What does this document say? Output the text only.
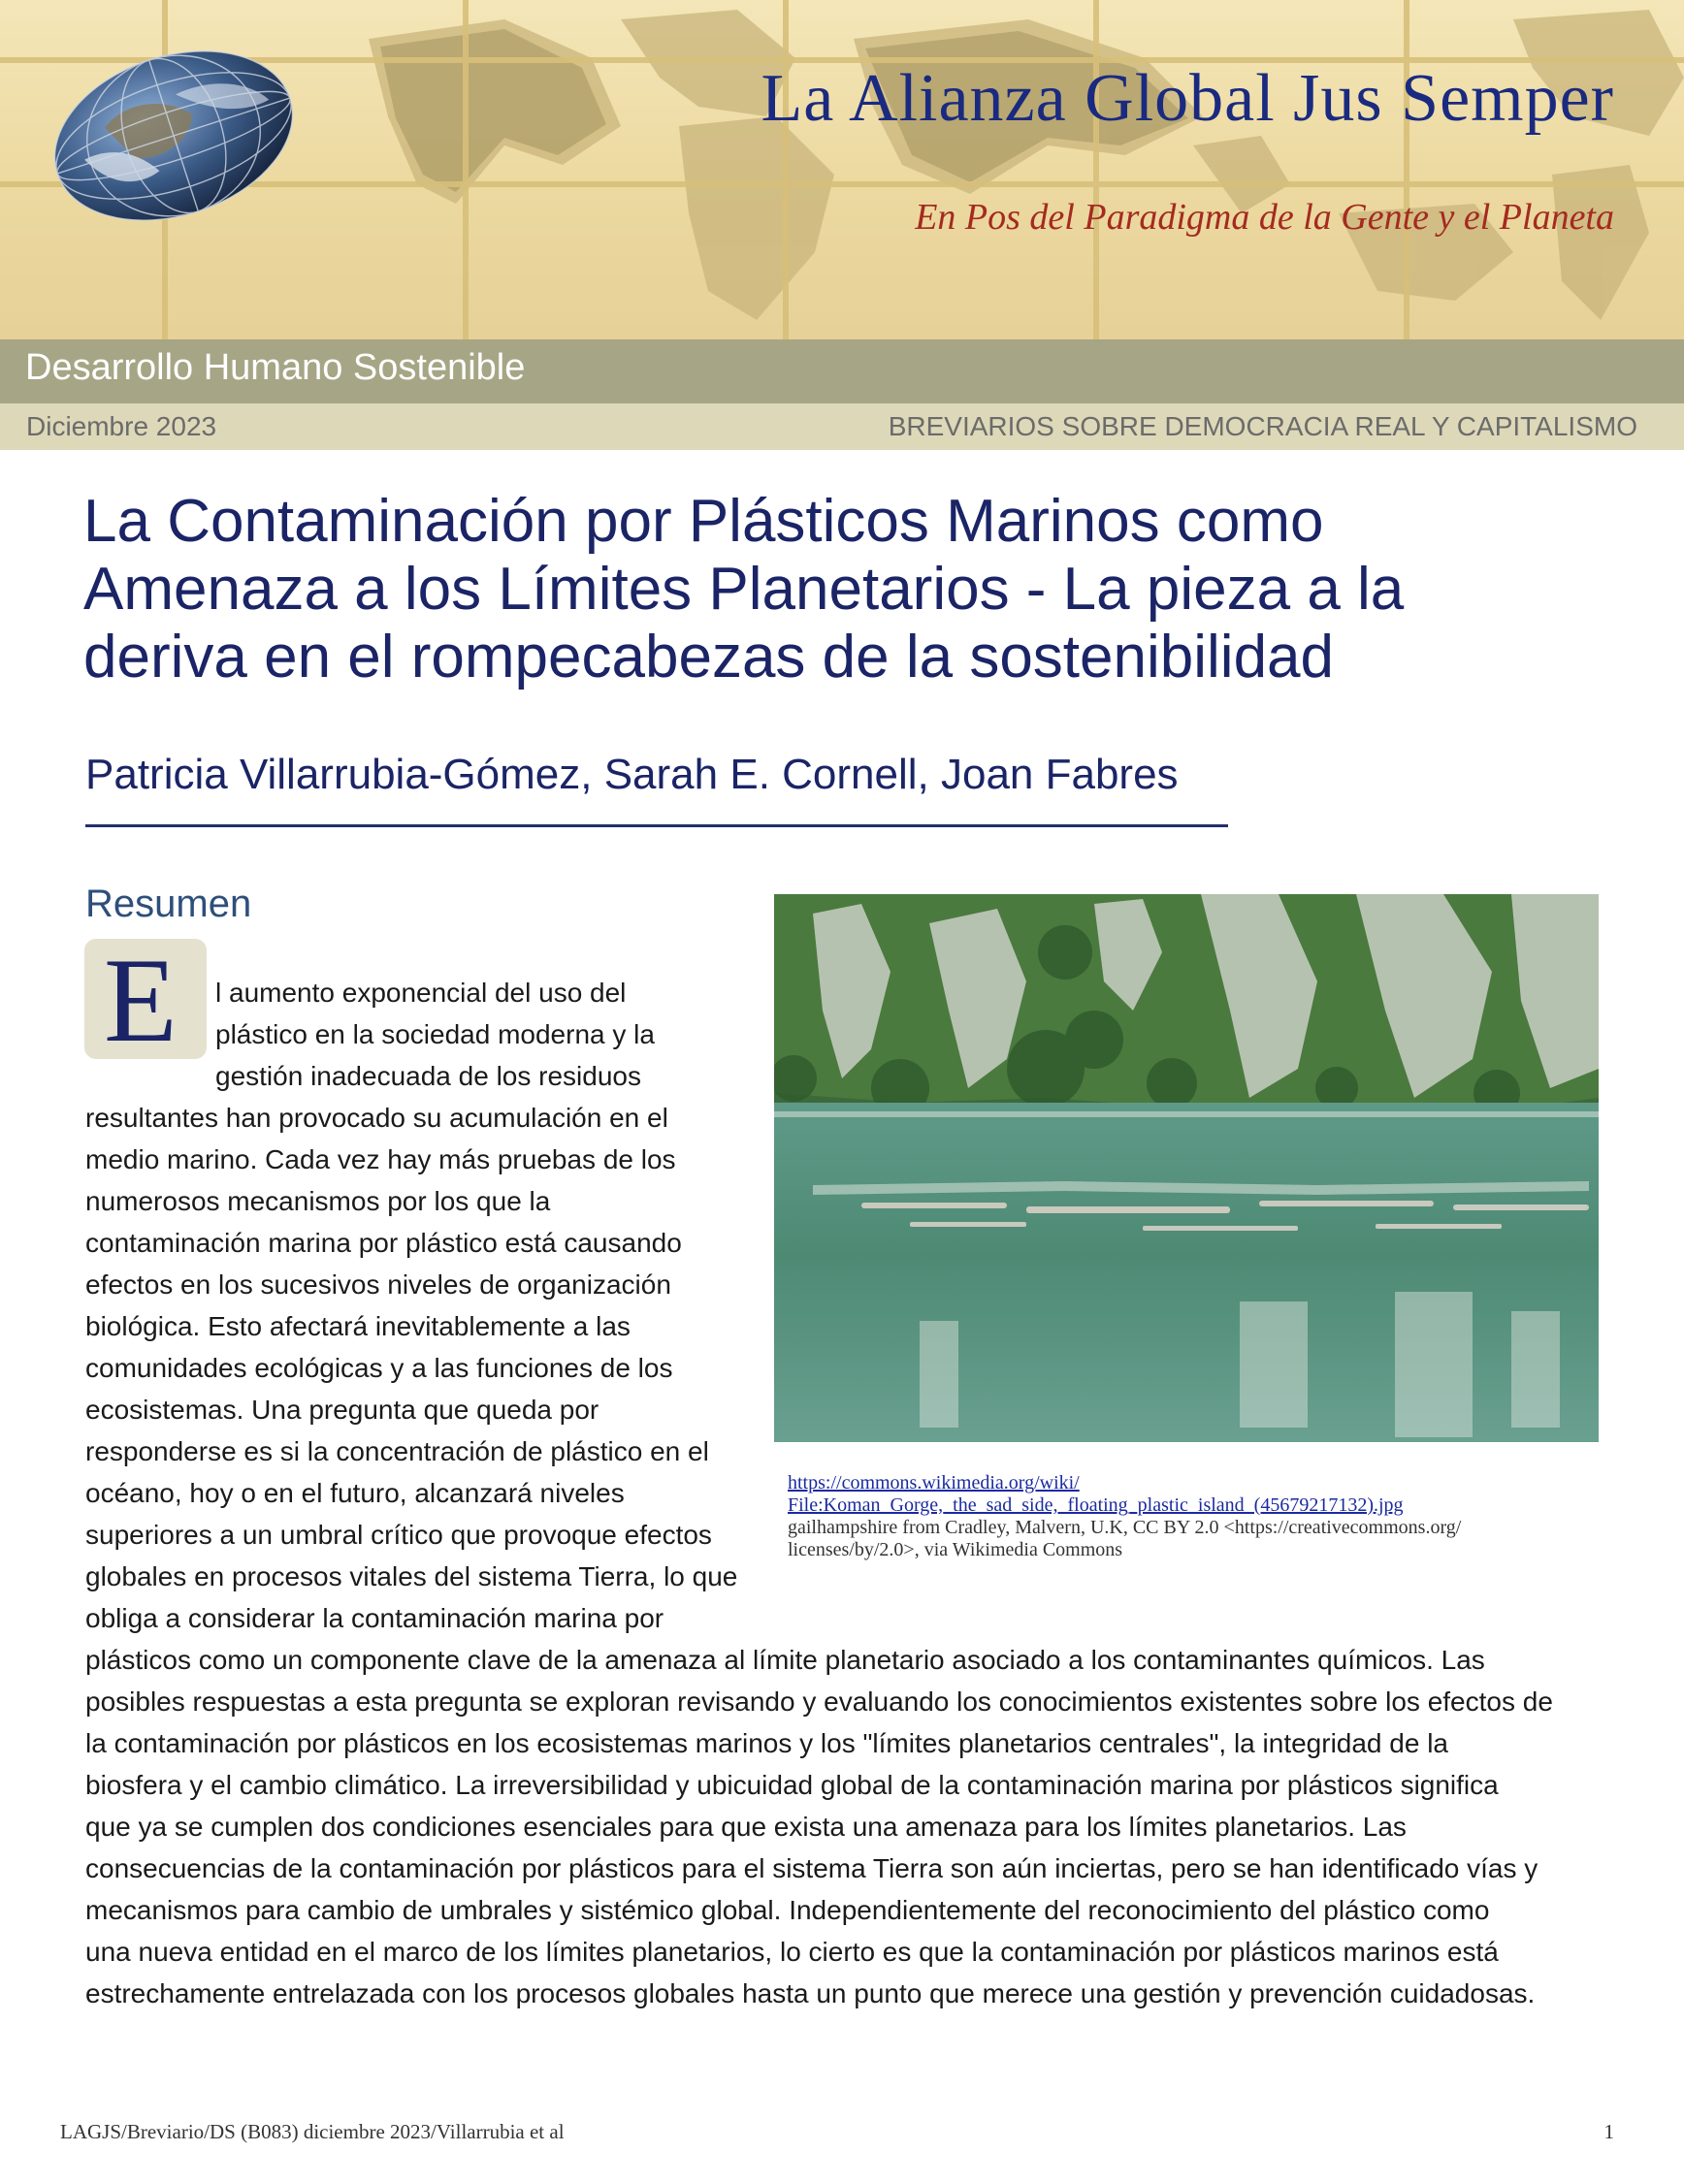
La Alianza Global Jus Semper
En Pos del Paradigma de la Gente y el Planeta
Desarrollo Humano Sostenible
Diciembre 2023	BREVIARIOS SOBRE DEMOCRACIA REAL Y CAPITALISMO
La Contaminación por Plásticos Marinos como
Amenaza a los Límites Planetarios - La pieza a la
deriva en el rompecabezas de la sostenibilidad
Patricia Villarrubia-Gómez, Sarah E. Cornell, Joan Fabres
Resumen
E l aumento exponencial del uso del

plástico en la sociedad moderna y la

gestión inadecuada de los residuos

resultantes han provocado su acumulación en el

medio marino. Cada vez hay más pruebas de los

numerosos mecanismos por los que la

contaminación marina por plástico está causando

efectos en los sucesivos niveles de organización

biológica. Esto afectará inevitablemente a las

comunidades ecológicas y a las funciones de los

ecosistemas. Una pregunta que queda por

responderse es si la concentración de plástico en el

océano, hoy o en el futuro, alcanzará niveles

superiores a un umbral crítico que provoque efectos

globales en procesos vitales del sistema Tierra, lo que

obliga a considerar la contaminación marina por

plásticos como un componente clave de la amenaza al límite planetario asociado a los contaminantes químicos. Las

posibles respuestas a esta pregunta se exploran revisando y evaluando los conocimientos existentes sobre los efectos de

la contaminación por plásticos en los ecosistemas marinos y los "límites planetarios centrales", la integridad de la

biosfera y el cambio climático. La irreversibilidad y ubicuidad global de la contaminación marina por plásticos significa

que ya se cumplen dos condiciones esenciales para que exista una amenaza para los límites planetarios. Las

consecuencias de la contaminación por plásticos para el sistema Tierra son aún inciertas, pero se han identificado vías y

mecanismos para cambio de umbrales y sistémico global. Independientemente del reconocimiento del plástico como

una nueva entidad en el marco de los límites planetarios, lo cierto es que la contaminación por plásticos marinos está

estrechamente entrelazada con los procesos globales hasta un punto que merece una gestión y prevención cuidadosas.

https://commons.wikimedia.org/wiki/
File:Koman_Gorge,_the_sad_side,_floating_plastic_island_(45679217132).jpg
gailhampshire from Cradley, Malvern, U.K, CC BY 2.0 <https://creativecommons.org/
licenses/by/2.0>, via Wikimedia Commons
LAGJS/Breviario/DS (B083) diciembre 2023/Villarrubia et al	1
